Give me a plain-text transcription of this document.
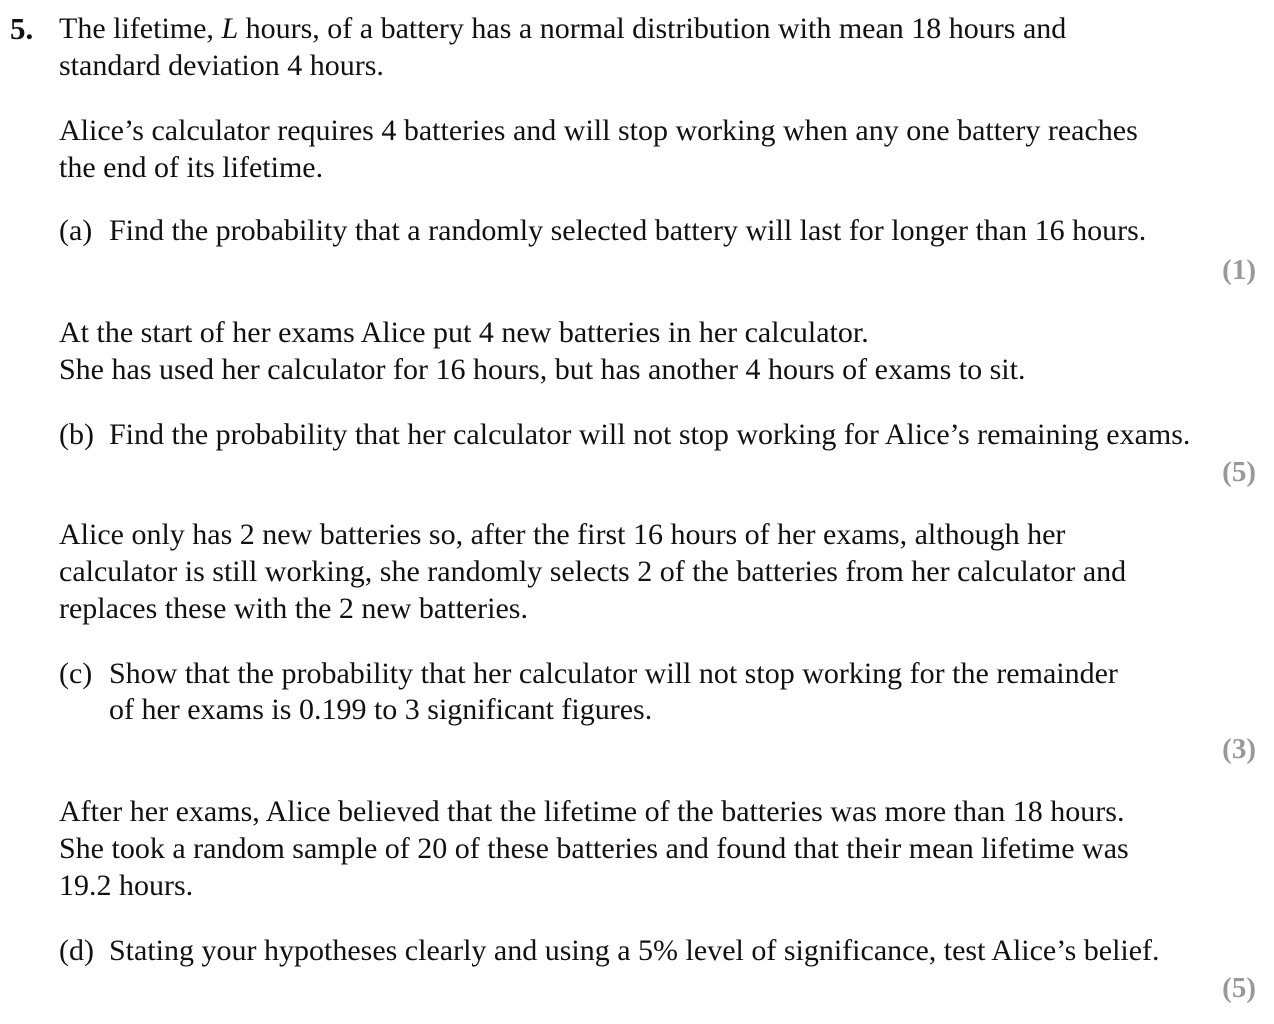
5. The lifetime, L hours, of a battery has a normal distribution with mean 18 hours and
standard deviation 4 hours.
Alice’s calculator requires 4 batteries and will stop working when any one battery reaches
the end of its lifetime.
(a) Find the probability that a randomly selected battery will last for longer than 16 hours.
(1)
At the start of her exams Alice put 4 new batteries in her calculator.
She has used her calculator for 16 hours, but has another 4 hours of exams to sit.
(b) Find the probability that her calculator will not stop working for Alice’s remaining exams.
(5)
Alice only has 2 new batteries so, after the first 16 hours of her exams, although her
calculator is still working, she randomly selects 2 of the batteries from her calculator and
replaces these with the 2 new batteries.
(c) Show that the probability that her calculator will not stop working for the remainder
of her exams is 0.199 to 3 significant figures.
(3)
After her exams, Alice believed that the lifetime of the batteries was more than 18 hours.
She took a random sample of 20 of these batteries and found that their mean lifetime was
19.2 hours.
(d) Stating your hypotheses clearly and using a 5% level of significance, test Alice’s belief.
(5)
